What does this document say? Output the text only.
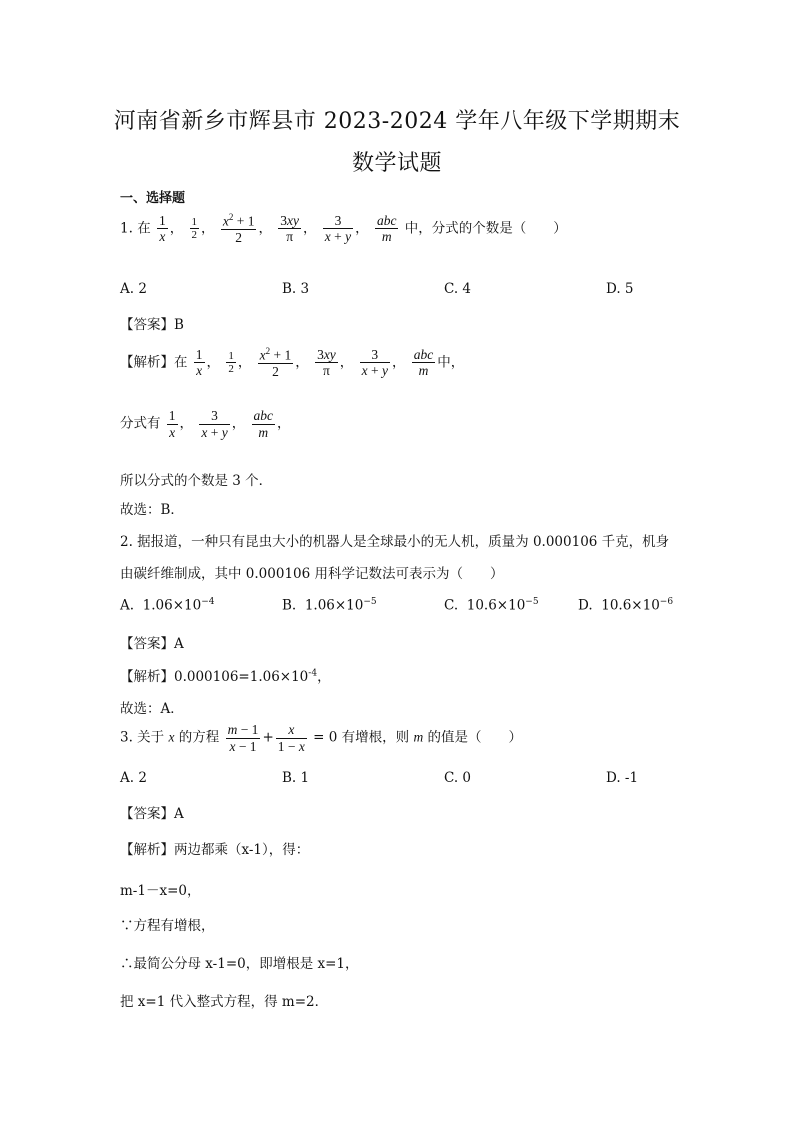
河南省新乡市辉县市 2023-2024 学年八年级下学期期末
数学试题
一、选择题
1. 在 $\frac{1}{x}$ ， $\frac{1}{2}$ ， $\frac{x^2 + 1}{2}$ ， $\frac{3xy}{\pi}$ ， $\frac{3}{x + y}$ ，
abc
m
中，分式的个数是（　　）
A. 2	B. 3	C. 4	D. 5
【答案】B
【解析】在 $\frac{1}{x}$ ， $\frac{1}{2}$ ， $\frac{x^2 + 1}{2}$ ， $\frac{3xy}{\pi}$ ， $\frac{3}{x + y}$ ，
abc
m
中，
分式有 $\frac{1}{x}$ ， $\frac{3}{x + y}$ ，
abc
m
，
所以分式的个数是 3 个．
故选：B．
2. 据报道，一种只有昆虫大小的机器人是全球最小的无人机，质量为 0.000106 千克，机身
由碳纤维制成，其中 0.000106 用科学记数法可表示为（　　）
A. $1.06\times 10^{-4}$	B. $1.06\times 10^{-5}$	C. $10.6\times 10^{-5}$	D. $10.6\times 10^{-6}$
【答案】A
【解析】$0.000106=1.06\times 10^{-4}$，
故选：A．
3. 关于 x 的方程 $\frac{m - 1}{x - 1} + \frac{x}{1 - x} = 0$ 有增根，则 m 的值是（　　）
A. 2	B. 1	C. 0	D. -1
【答案】A
【解析】两边都乘（x-1），得：
m-1－x=0，
∵方程有增根，
∴最简公分母 x-1=0，即增根是 x=1，
把 x=1 代入整式方程，得 m=2．
